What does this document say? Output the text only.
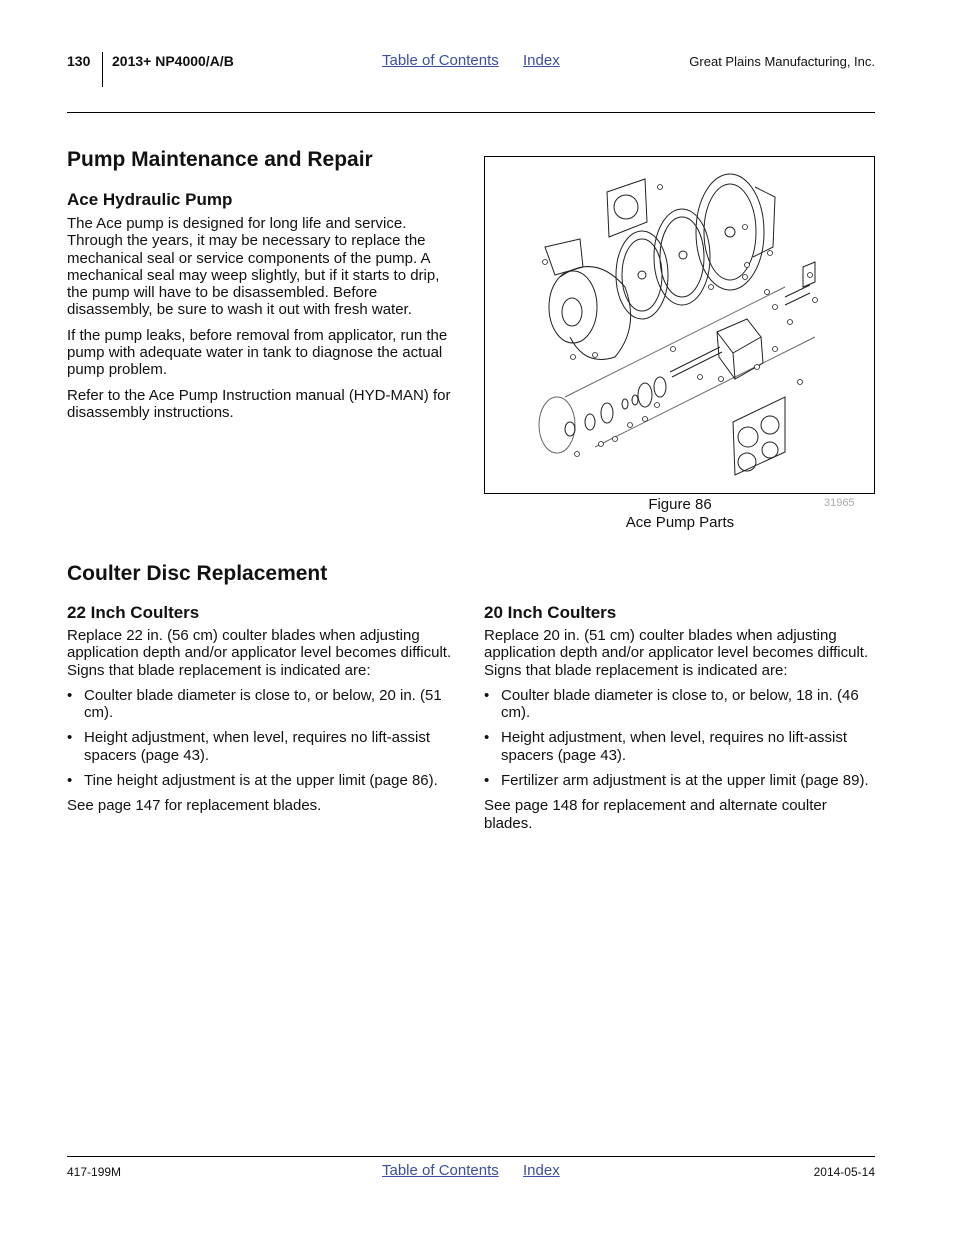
130 2013+ NP4000/A/B	Table of Contents Index	Great Plains Manufacturing, Inc.
Pump Maintenance and Repair
Ace Hydraulic Pump

The Ace pump is designed for long life and service. Through the years, it may be necessary to replace the mechanical seal or service components of the pump. A mechanical seal may weep slightly, but if it starts to drip, the pump will have to be disassembled. Before disassembly, be sure to wash it out with fresh water.

If the pump leaks, before removal from applicator, run the pump with adequate water in tank to diagnose the actual pump problem.

Refer to the Ace Pump Instruction manual (HYD-MAN) for disassembly instructions.

Figure 86
Ace Pump Parts
31965
Coulter Disc Replacement
22 Inch Coulters

Replace 22 in. (56 cm) coulter blades when adjusting application depth and/or applicator level becomes difficult. Signs that blade replacement is indicated are:

• Coulter blade diameter is close to, or below, 20 in. (51 cm).
• Height adjustment, when level, requires no lift-assist spacers (page 43).
• Tine height adjustment is at the upper limit (page 86).

See page 147 for replacement blades.

20 Inch Coulters

Replace 20 in. (51 cm) coulter blades when adjusting application depth and/or applicator level becomes difficult. Signs that blade replacement is indicated are:

• Coulter blade diameter is close to, or below, 18 in. (46 cm).
• Height adjustment, when level, requires no lift-assist spacers (page 43).
• Fertilizer arm adjustment is at the upper limit (page 89).

See page 148 for replacement and alternate coulter blades.

417-199M	Table of Contents Index	2014-05-14
